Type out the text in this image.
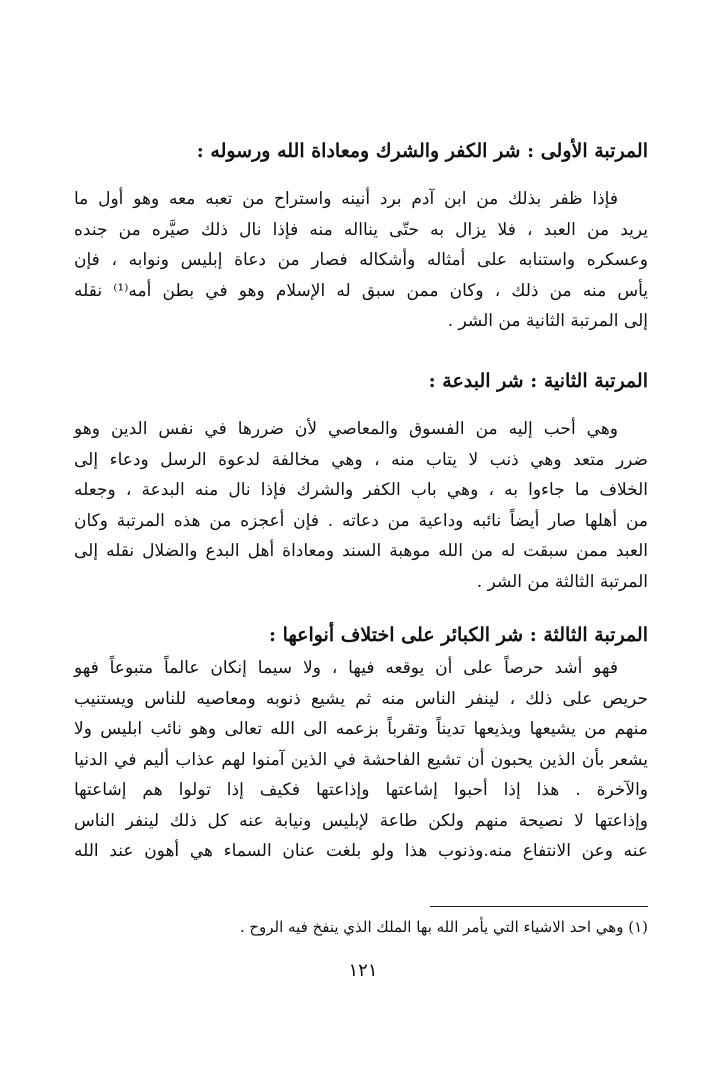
المرتبة الأولى : شر الكفر والشرك ومعاداة الله ورسوله :
فإذا ظفر بذلك من ابن آدم برد أنينه واستراح من تعبه معه وهو أول ما
يريد من العبد ، فلا يزال به حتّى ينااله منه فإذا نال ذلك صيَّره من جنده
وعسكره واستنابه على أمثاله وأشكاله فصار من دعاة إبليس ونوابه ، فإن
يأس منه من ذلك ، وكان ممن سبق له الإسلام وهو في بطن أمه⁽¹⁾ نقله
إلى المرتبة الثانية من الشر .
المرتبة الثانية : شر البدعة :
وهي أحب إليه من الفسوق والمعاصي لأن ضررها في نفس الدين وهو
ضرر متعد وهي ذنب لا يتاب منه ، وهي مخالفة لدعوة الرسل ودعاء إلى
الخلاف ما جاءوا به ، وهي باب الكفر والشرك فإذا نال منه البدعة ، وجعله
من أهلها صار أيضاً نائبه وداعية من دعاته . فإن أعجزه من هذه المرتبة وكان
العبد ممن سبقت له من الله موهبة السند ومعاداة أهل البدع والضلال نقله إلى
المرتبة الثالثة من الشر .
المرتبة الثالثة : شر الكبائر على اختلاف أنواعها :
فهو أشد حرصاً على أن يوقعه فيها ، ولا سيما إنكان عالماً متبوعاً فهو
حريص على ذلك ، لينفر الناس منه ثم يشيع ذنوبه ومعاصيه للناس ويستنيب
منهم من يشيعها ويذيعها تديناً وتقرباً بزعمه الى الله تعالى وهو نائب ابليس ولا
يشعر بأن الذين يحبون أن تشيع الفاحشة في الذين آمنوا لهم عذاب أليم في الدنيا
والآخرة . هذا إذا أحبوا إشاعتها وإذاعتها فكيف إذا تولوا هم إشاعتها
وإذاعتها لا نصيحة منهم ولكن طاعة لإبليس ونيابة عنه كل ذلك لينفر الناس
عنه وعن الانتفاع منه.وذنوب هذا ولو بلغت عنان السماء هي أهون عند الله
(١) وهي احد الاشياء التي يأمر الله بها الملك الذي ينفخ فيه الروح .
١٢١
